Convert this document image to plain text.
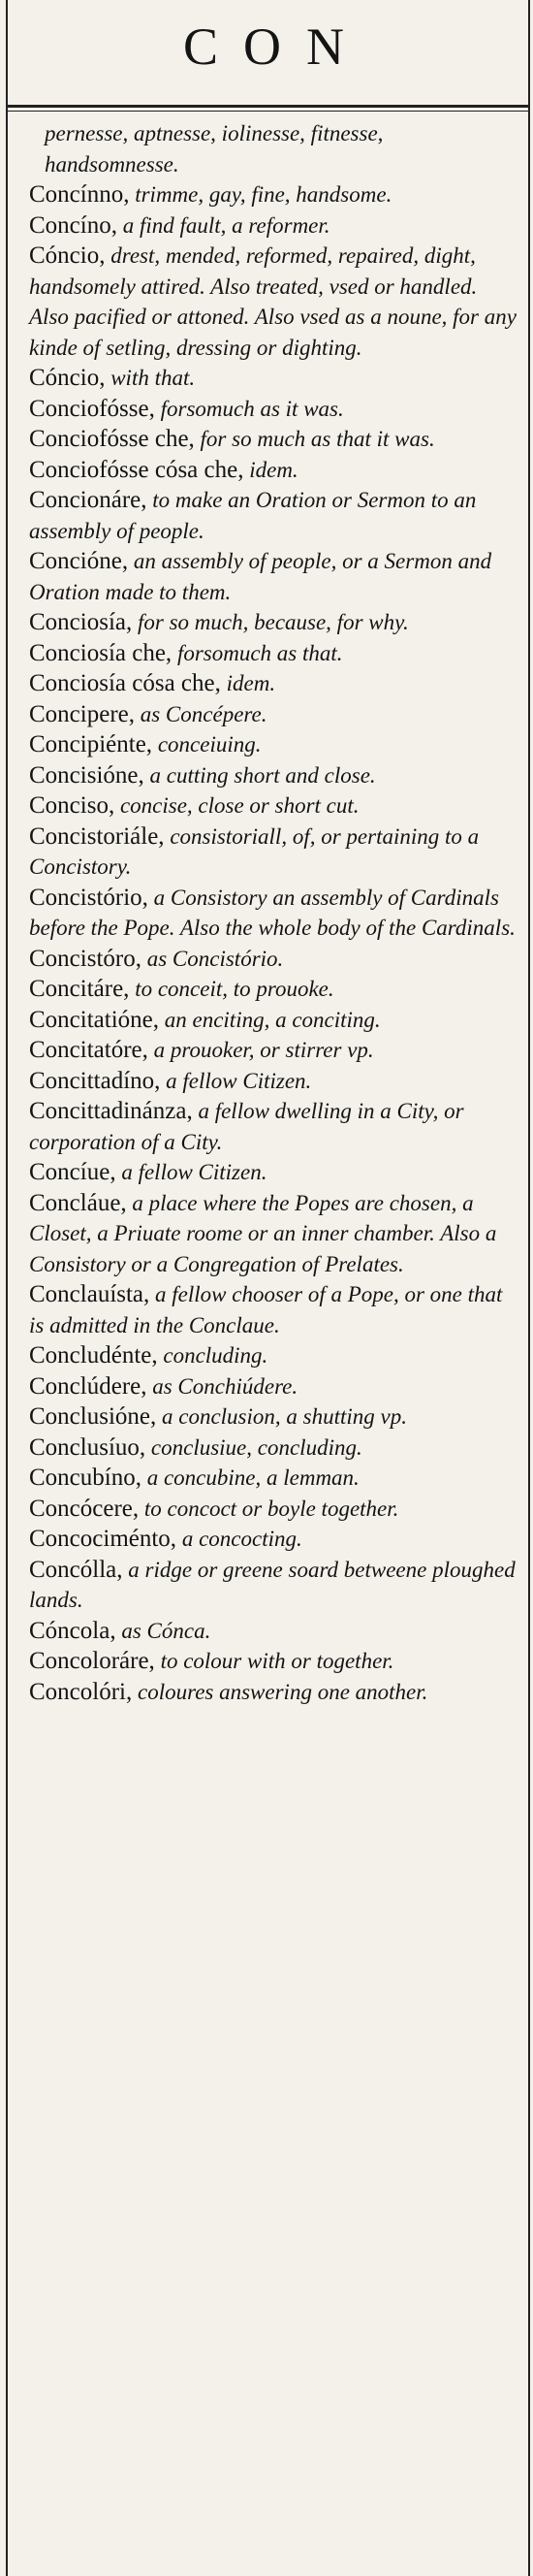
CON
pernesse, aptnesse, iolinesse, fitnesse, handsomnesse.
Concínno, trimme, gay, fine, handsome.
Concíno, a find fault, a reformer.
Cóncio, drest, mended, reformed, repaired, dight, handsomely attired. Also treated, vsed or handled. Also pacified or attoned. Also vsed as a noune, for any kinde of setling, dressing or dighting.
Cóncio, with that.
Conciofósse, forsomuch as it was.
Conciofósse che, for so much as that it was.
Conciofósse cósa che, idem.
Concionáre, to make an Oration or Sermon to an assembly of people.
Concióne, an assembly of people, or a Sermon and Oration made to them.
Conciosía, for so much, because, for why.
Conciosía che, forsomuch as that.
Conciosía cósa che, idem.
Concipere, as Concépere.
Concipiénte, conceiuing.
Concisióne, a cutting short and close.
Conciso, concise, close or short cut.
Concistoriále, consistoriall, of, or pertaining to a Concistory.
Concistório, a Consistory an assembly of Cardinals before the Pope. Also the whole body of the Cardinals.
Concistóro, as Concistório.
Concitáre, to conceit, to prouoke.
Concitatióne, an enciting, a conciting.
Concitatóre, a prouoker, or stirrer vp.
Concittadíno, a fellow Citizen.
Concittadinánza, a fellow dwelling in a City, or corporation of a City.
Concíue, a fellow Citizen.
Concláue, a place where the Popes are chosen, a Closet, a Priuate roome or an inner chamber. Also a Consistory or a Congregation of Prelates.
Conclauísta, a fellow chooser of a Pope, or one that is admitted in the Conclaue.
Concludénte, concluding.
Conclúdere, as Conchiúdere.
Conclusióne, a conclusion, a shutting vp.
Conclusíuo, conclusiue, concluding.
Concubíno, a concubine, a lemman.
Concócere, to concoct or boyle together.
Concociménto, a concocting.
Concólla, a ridge or greene soard betweene ploughed lands.
Cóncola, as Cónca.
Concoloráre, to colour with or together.
Concolóri, coloures answering one another.
